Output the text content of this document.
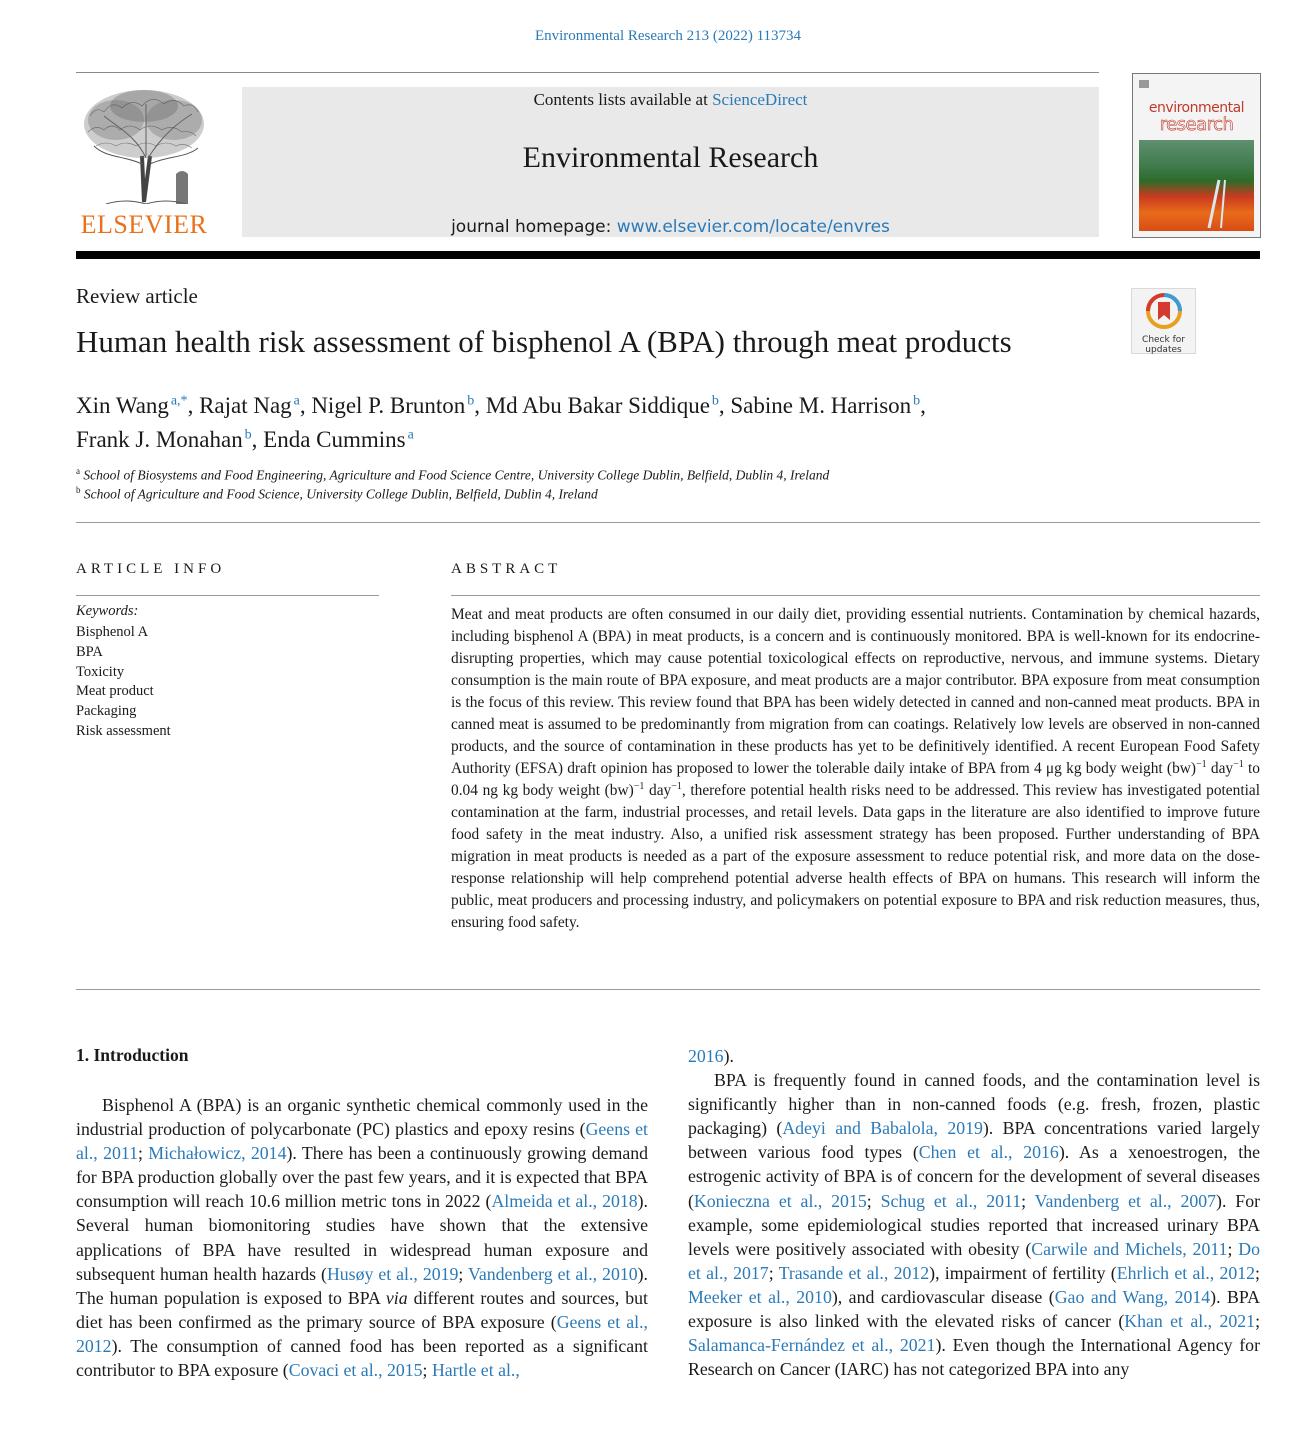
Environmental Research 213 (2022) 113734
ELSEVIER
Contents lists available at ScienceDirect
Environmental Research
journal homepage: www.elsevier.com/locate/envres
environmental
research
Review article
Human health risk assessment of bisphenol A (BPA) through meat products	Check for
updates
Xin Wang  $^{a,*}$, Rajat Nag  $^a$, Nigel P. Brunton  $^b$, Md Abu Bakar Siddique  $^b$, Sabine M. Harrison  $^b$,
Frank J. Monahan  $^b$, Enda Cummins  $^a$
$^a$ School of Biosystems and Food Engineering, Agriculture and Food Science Centre, University College Dublin, Belfield, Dublin 4, Ireland
$^b$ School of Agriculture and Food Science, University College Dublin, Belfield, Dublin 4, Ireland
ARTICLE INFO
Keywords:
Bisphenol A
BPA
Toxicity
Meat product
Packaging
Risk assessment
ABSTRACT
Meat and meat products are often consumed in our daily diet, providing essential nutrients. Contamination by chemical hazards, including bisphenol A (BPA) in meat products, is a concern and is continuously monitored. BPA is well-known for its endocrine-disrupting properties, which may cause potential toxicological effects on reproductive, nervous, and immune systems. Dietary consumption is the main route of BPA exposure, and meat products are a major contributor. BPA exposure from meat consumption is the focus of this review. This review found that BPA has been widely detected in canned and non-canned meat products. BPA in canned meat is assumed to be predominantly from migration from can coatings. Relatively low levels are observed in non-canned products, and the source of contamination in these products has yet to be definitively identified. A recent European Food Safety Authority (EFSA) draft opinion has proposed to lower the tolerable daily intake of BPA from 4 μg kg body weight (bw)$^{-1}$ day$^{-1}$ to 0.04 ng kg body weight (bw)$^{-1}$ day$^{-1}$, therefore potential health risks need to be addressed. This review has investigated potential contamination at the farm, industrial processes, and retail levels. Data gaps in the literature are also identified to improve future food safety in the meat industry. Also, a unified risk assessment strategy has been proposed. Further understanding of BPA migration in meat products is needed as a part of the exposure assessment to reduce potential risk, and more data on the dose-response relationship will help comprehend potential adverse health effects of BPA on humans. This research will inform the public, meat producers and processing industry, and policymakers on potential exposure to BPA and risk reduction measures, thus, ensuring food safety.
1. Introduction

Bisphenol A (BPA) is an organic synthetic chemical commonly used in the industrial production of polycarbonate (PC) plastics and epoxy resins (Geens et al., 2011; Michałowicz, 2014). There has been a continuously growing demand for BPA production globally over the past few years, and it is expected that BPA consumption will reach 10.6 million metric tons in 2022 (Almeida et al., 2018). Several human biomonitoring studies have shown that the extensive applications of BPA have resulted in widespread human exposure and subsequent human health hazards (Husøy et al., 2019; Vandenberg et al., 2010). The human population is exposed to BPA via different routes and sources, but diet has been confirmed as the primary source of BPA exposure (Geens et al., 2012). The consumption of canned food has been reported as a significant contributor to BPA exposure (Covaci et al., 2015; Hartle et al.,

2016).

BPA is frequently found in canned foods, and the contamination level is significantly higher than in non-canned foods (e.g. fresh, frozen, plastic packaging) (Adeyi and Babalola, 2019). BPA concentrations varied largely between various food types (Chen et al., 2016). As a xenoestrogen, the estrogenic activity of BPA is of concern for the development of several diseases (Konieczna et al., 2015; Schug et al., 2011; Vandenberg et al., 2007). For example, some epidemiological studies reported that increased urinary BPA levels were positively associated with obesity (Carwile and Michels, 2011; Do et al., 2017; Trasande et al., 2012), impairment of fertility (Ehrlich et al., 2012; Meeker et al., 2010), and cardiovascular disease (Gao and Wang, 2014). BPA exposure is also linked with the elevated risks of cancer (Khan et al., 2021; Salamanca-Fernández et al., 2021). Even though the International Agency for Research on Cancer (IARC) has not categorized BPA into any
